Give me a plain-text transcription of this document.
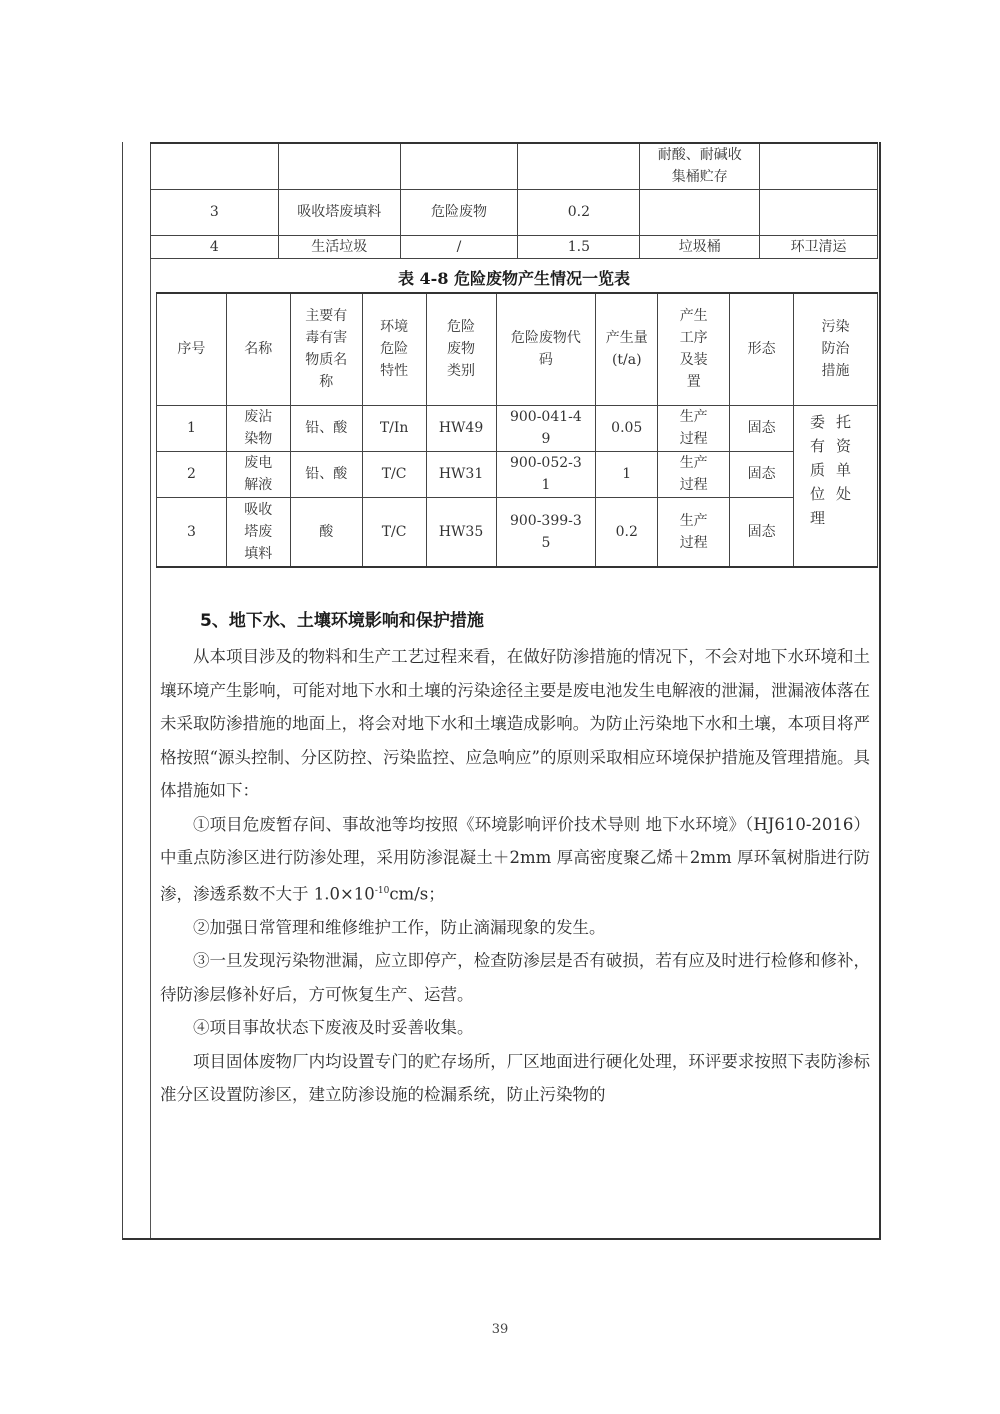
				耐酸、耐碱收集桶贮存	
3	吸收塔废填料	危险废物	0.2		
4	生活垃圾	/	1.5	垃圾桶	环卫清运
表 4-8 危险废物产生情况一览表
序号	名称	主要有毒有害物质名称	环境危险特性	危险废物类别	危险废物代码	产生量(t/a)	产生工序及装置	形态	污染防治措施
1	废沾染物	铅、酸	T/In	HW49	900-041-49	0.05	生产过程	固态	委托有资质单位处理
2	废电解液	铅、酸	T/C	HW31	900-052-31	1	生产过程	固态	
3	吸收塔废填料	酸	T/C	HW35	900-399-35	0.2	生产过程	固态	
5、地下水、土壤环境影响和保护措施

从本项目涉及的物料和生产工艺过程来看，在做好防渗措施的情况下，不会对地下水环境和土壤环境产生影响，可能对地下水和土壤的污染途径主要是废电池发生电解液的泄漏，泄漏液体落在未采取防渗措施的地面上，将会对地下水和土壤造成影响。为防止污染地下水和土壤，本项目将严格按照“源头控制、分区防控、污染监控、应急响应”的原则采取相应环境保护措施及管理措施。具体措施如下：

①项目危废暂存间、事故池等均按照《环境影响评价技术导则 地下水环境》（HJ610-2016）中重点防渗区进行防渗处理，采用防渗混凝土＋2mm 厚高密度聚乙烯＋2mm 厚环氧树脂进行防渗，渗透系数不大于 $1.0\times 10^{-10}cm/s$；

②加强日常管理和维修维护工作，防止滴漏现象的发生。

③一旦发现污染物泄漏，应立即停产，检查防渗层是否有破损，若有应及时进行检修和修补，待防渗层修补好后，方可恢复生产、运营。

④项目事故状态下废液及时妥善收集。

项目固体废物厂内均设置专门的贮存场所，厂区地面进行硬化处理，环评要求按照下表防渗标准分区设置防渗区，建立防渗设施的检漏系统，防止污染物的

39
